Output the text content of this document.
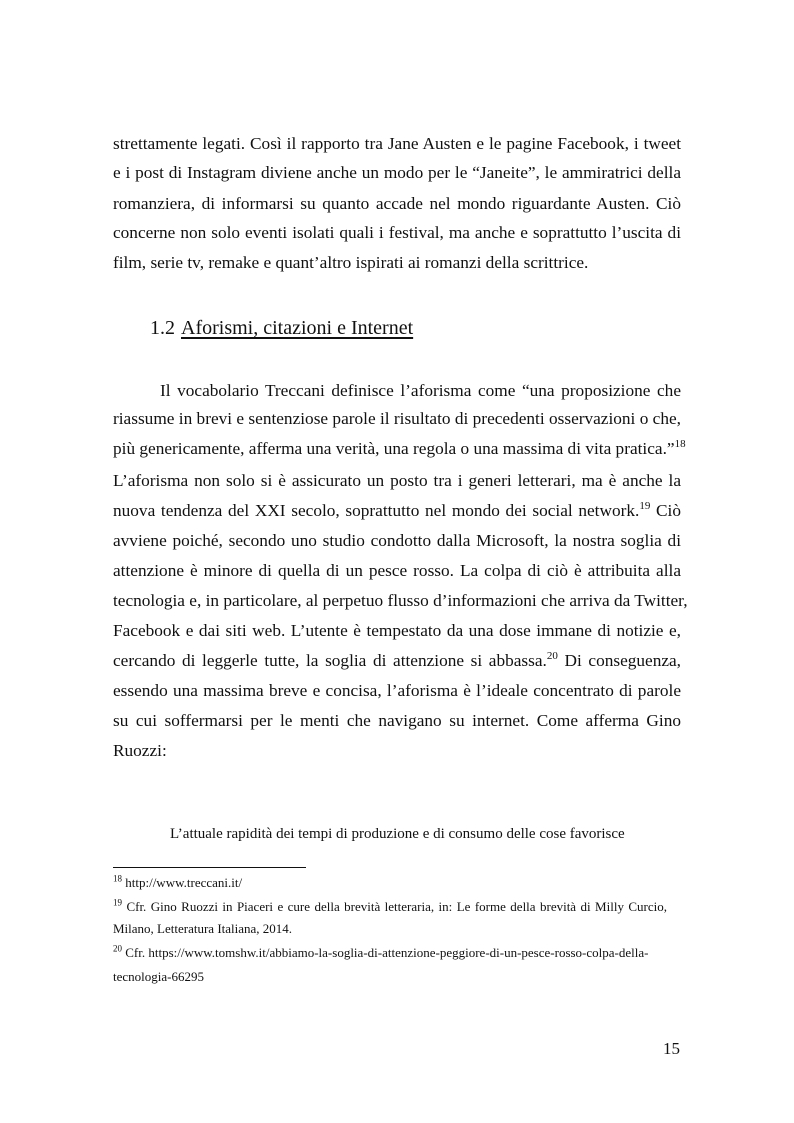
strettamente legati. Così il rapporto tra Jane Austen e le pagine Facebook, i tweet
e i post di Instagram diviene anche un modo per le “Janeite”, le ammiratrici della
romanziera, di informarsi su quanto accade nel mondo riguardante Austen. Ciò
concerne non solo eventi isolati quali i festival, ma anche e soprattutto l’uscita di
film, serie tv, remake e quant’altro ispirati ai romanzi della scrittrice.
1.2 Aforismi, citazioni e Internet
Il vocabolario Treccani definisce l’aforisma come “una proposizione che
riassume in brevi e sentenziose parole il risultato di precedenti osservazioni o che,
più genericamente, afferma una verità, una regola o una massima di vita pratica.”$^{18}$
L’aforisma non solo si è assicurato un posto tra i generi letterari, ma è anche la
nuova tendenza del XXI secolo, soprattutto nel mondo dei social network.$^{19}$ Ciò
avviene poiché, secondo uno studio condotto dalla Microsoft, la nostra soglia di
attenzione è minore di quella di un pesce rosso. La colpa di ciò è attribuita alla
tecnologia e, in particolare, al perpetuo flusso d’informazioni che arriva da Twitter,
Facebook e dai siti web. L’utente è tempestato da una dose immane di notizie e,
cercando di leggerle tutte, la soglia di attenzione si abbassa.$^{20}$ Di conseguenza,
essendo una massima breve e concisa, l’aforisma è l’ideale concentrato di parole
su cui soffermarsi per le menti che navigano su internet. Come afferma Gino
Ruozzi:
L’attuale rapidità dei tempi di produzione e di consumo delle cose favorisce
$^{18}$ http://www.treccani.it/
$^{19}$ Cfr. Gino Ruozzi in Piaceri e cure della brevità letteraria, in: Le forme della brevità di Milly Curcio,
Milano, Letteratura Italiana, 2014.
$^{20}$ Cfr. https://www.tomshw.it/abbiamo-la-soglia-di-attenzione-peggiore-di-un-pesce-rosso-colpa-della-
tecnologia-66295
15
